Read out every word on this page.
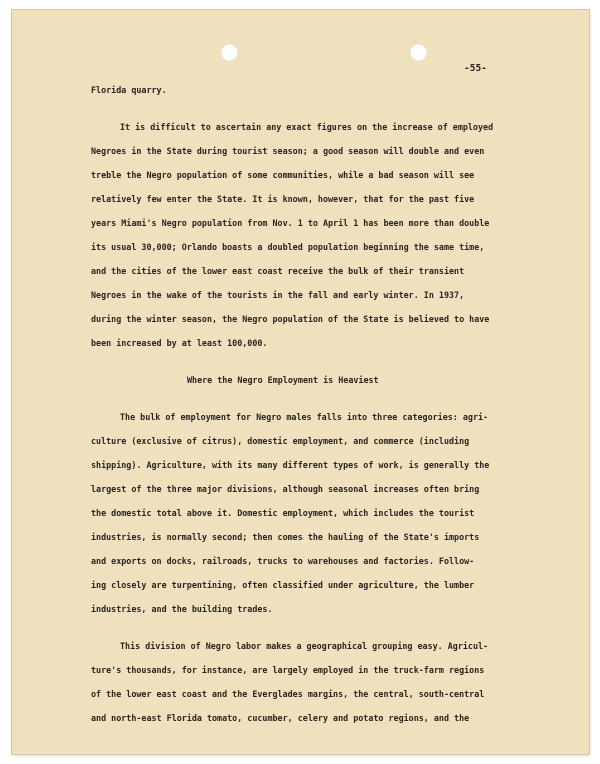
-55-
Florida quarry.
It is difficult to ascertain any exact figures on the increase of employed
Negroes in the State during tourist season; a good season will double and even
treble the Negro population of some communities, while a bad season will see
relatively few enter the State. It is known, however, that for the past five
years Miami's Negro population from Nov. 1 to April 1 has been more than double
its usual 30,000; Orlando boasts a doubled population beginning the same time,
and the cities of the lower east coast receive the bulk of their transient
Negroes in the wake of the tourists in the fall and early winter. In 1937,
during the winter season, the Negro population of the State is believed to have
been increased by at least 100,000.
Where the Negro Employment is Heaviest
The bulk of employment for Negro males falls into three categories: agri-
culture (exclusive of citrus), domestic employment, and commerce (including
shipping). Agriculture, with its many different types of work, is generally the
largest of the three major divisions, although seasonal increases often bring
the domestic total above it. Domestic employment, which includes the tourist
industries, is normally second; then comes the hauling of the State's imports
and exports on docks, railroads, trucks to warehouses and factories. Follow-
ing closely are turpentining, often classified under agriculture, the lumber
industries, and the building trades.
This division of Negro labor makes a geographical grouping easy. Agricul-
ture's thousands, for instance, are largely employed in the truck-farm regions
of the lower east coast and the Everglades margins, the central, south-central
and north-east Florida tomato, cucumber, celery and potato regions, and the
